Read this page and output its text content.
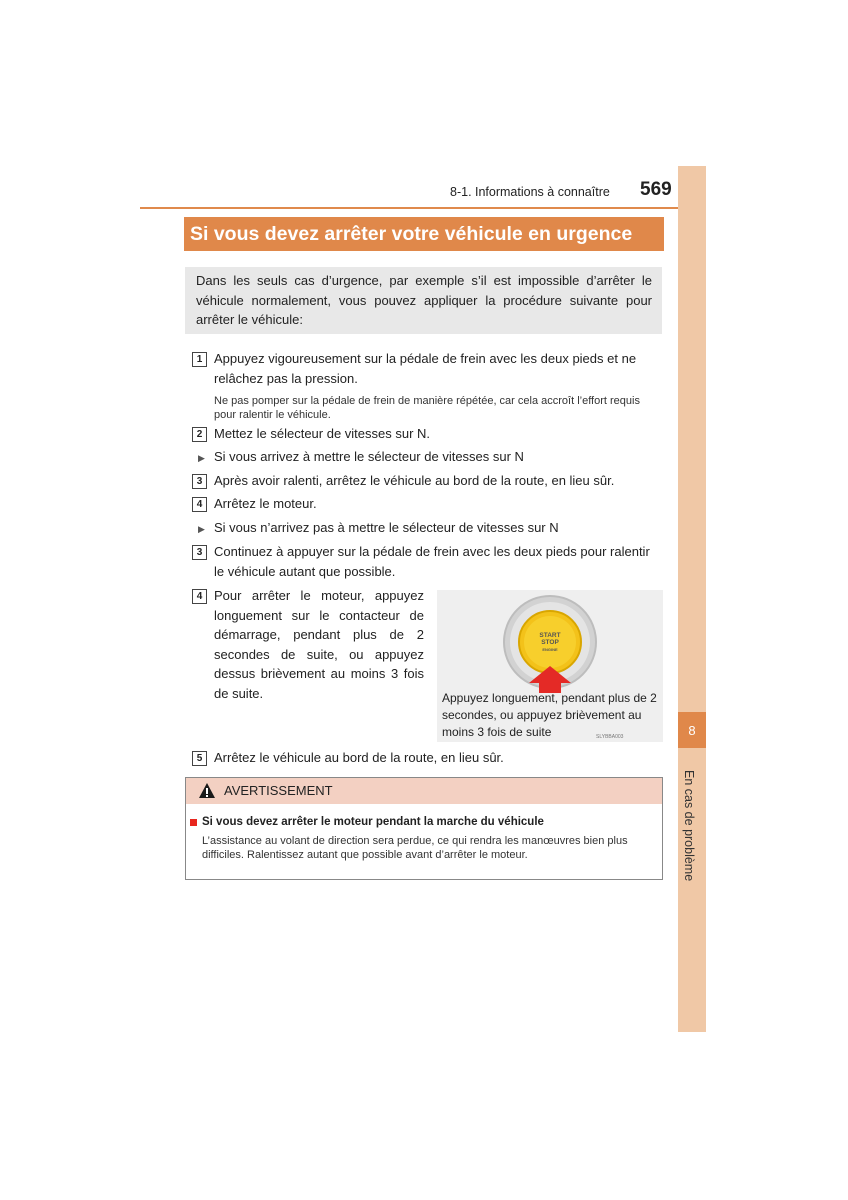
8-1. Informations à connaître 569
8
En cas de problème
Si vous devez arrêter votre véhicule en urgence
Dans les seuls cas d’urgence, par exemple s’il est impossible d’arrêter le véhicule normalement, vous pouvez appliquer la procédure suivante pour arrêter le véhicule:
1 Appuyez vigoureusement sur la pédale de frein avec les deux pieds et ne relâchez pas la pression.
Ne pas pomper sur la pédale de frein de manière répétée, car cela accroît l’effort requis pour ralentir le véhicule.
2 Mettez le sélecteur de vitesses sur N.
▶ Si vous arrivez à mettre le sélecteur de vitesses sur N
3 Après avoir ralenti, arrêtez le véhicule au bord de la route, en lieu sûr.
4 Arrêtez le moteur.
▶ Si vous n’arrivez pas à mettre le sélecteur de vitesses sur N
3 Continuez à appuyer sur la pédale de frein avec les deux pieds pour ralentir le véhicule autant que possible.
4 Pour arrêter le moteur, appuyez longuement sur le contacteur de démarrage, pendant plus de 2 secondes de suite, ou appuyez dessus brièvement au moins 3 fois de suite.
START
STOP
ENGINE
Appuyez longuement, pendant plus de 2 secondes, ou appuyez brièvement au moins 3 fois de suite	SLYBBA003
5 Arrêtez le véhicule au bord de la route, en lieu sûr.
AVERTISSEMENT
Si vous devez arrêter le moteur pendant la marche du véhicule
L’assistance au volant de direction sera perdue, ce qui rendra les manœuvres bien plus difficiles. Ralentissez autant que possible avant d’arrêter le moteur.
